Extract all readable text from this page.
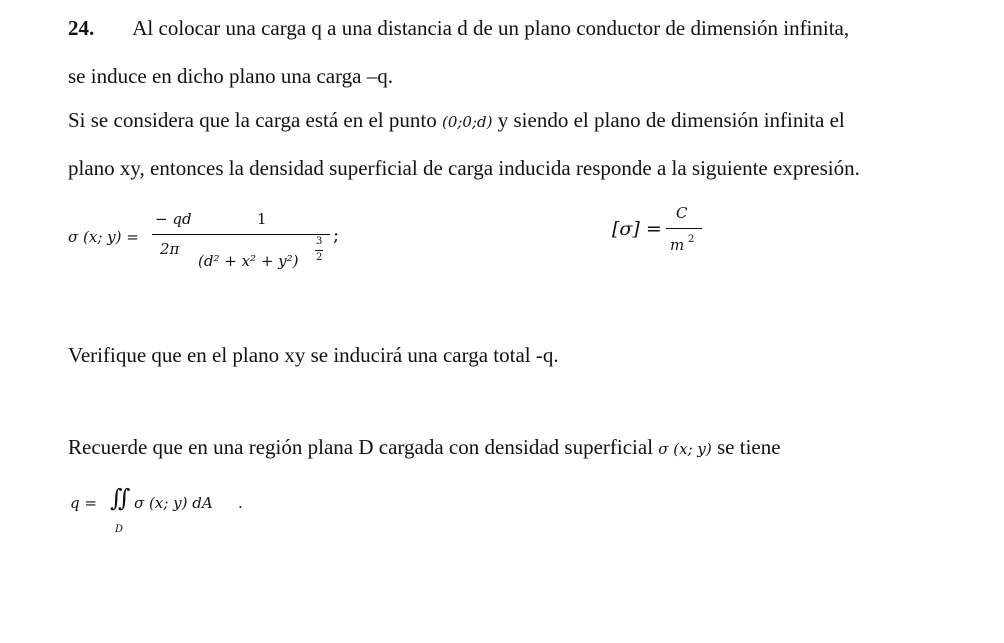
24. Al colocar una carga q a una distancia d de un plano conductor de dimensión infinita,
se induce en dicho plano una carga –q.
Si se considera que la carga está en el punto (0;0;d) y siendo el plano de dimensión infinita el
plano xy, entonces la densidad superficial de carga inducida responde a la siguiente expresión.
σ (x; y) =
− qd
2π
1
(d² + x² + y²)
3
2
;	[σ] =
C
m 2
Verifique que en el plano xy se inducirá una carga total -q.
Recuerde que en una región plana D cargada con densidad superficial σ (x; y) se tiene
q = ∬ σ (x; y) dA
D
.
